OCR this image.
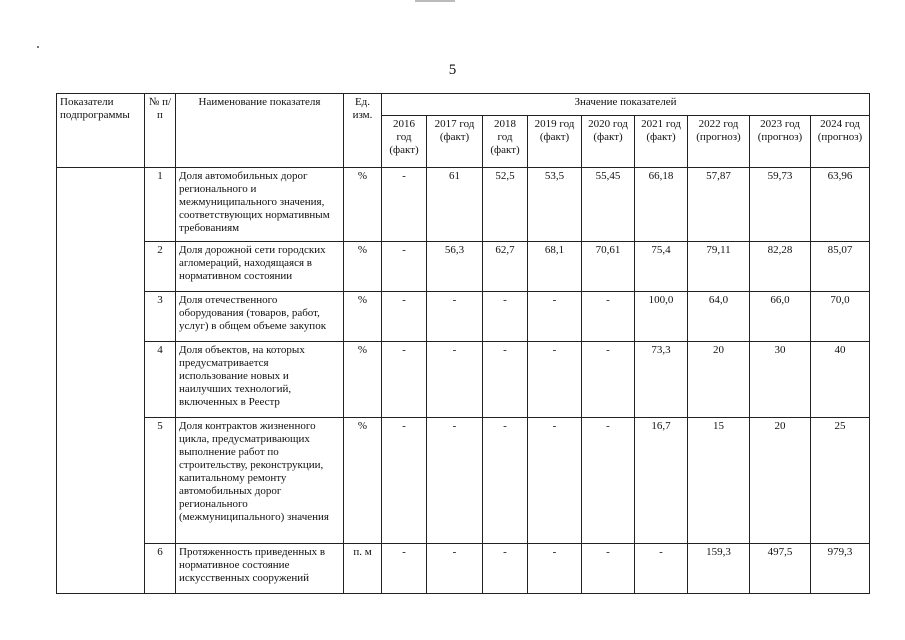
5
Показатели подпрограммы	№ п/п	Наименование показателя	Ед. изм.	Значение показателей								
				2016 год (факт)	2017 год (факт)	2018 год (факт)	2019 год (факт)	2020 год (факт)	2021 год (факт)	2022 год (прогноз)	2023 год (прогноз)	2024 год (прогноз)
	1	Доля автомобильных дорог регионального и межмуниципального значения, соответствующих нормативным требованиям	%	-	61	52,5	53,5	55,45	66,18	57,87	59,73	63,96
	2	Доля дорожной сети городских агломераций, находящаяся в нормативном состоянии	%	-	56,3	62,7	68,1	70,61	75,4	79,11	82,28	85,07
	3	Доля отечественного оборудования (товаров, работ, услуг) в общем объеме закупок	%	-	-	-	-	-	100,0	64,0	66,0	70,0
	4	Доля объектов, на которых предусматривается использование новых и наилучших технологий, включенных в Реестр	%	-	-	-	-	-	73,3	20	30	40
	5	Доля контрактов жизненного цикла, предусматривающих выполнение работ по строительству, реконструкции, капитальному ремонту автомобильных дорог регионального (межмуниципального) значения	%	-	-	-	-	-	16,7	15	20	25
	6	Протяженность приведенных в нормативное состояние искусственных сооружений	п. м	-	-	-	-	-	-	159,3	497,5	979,3
